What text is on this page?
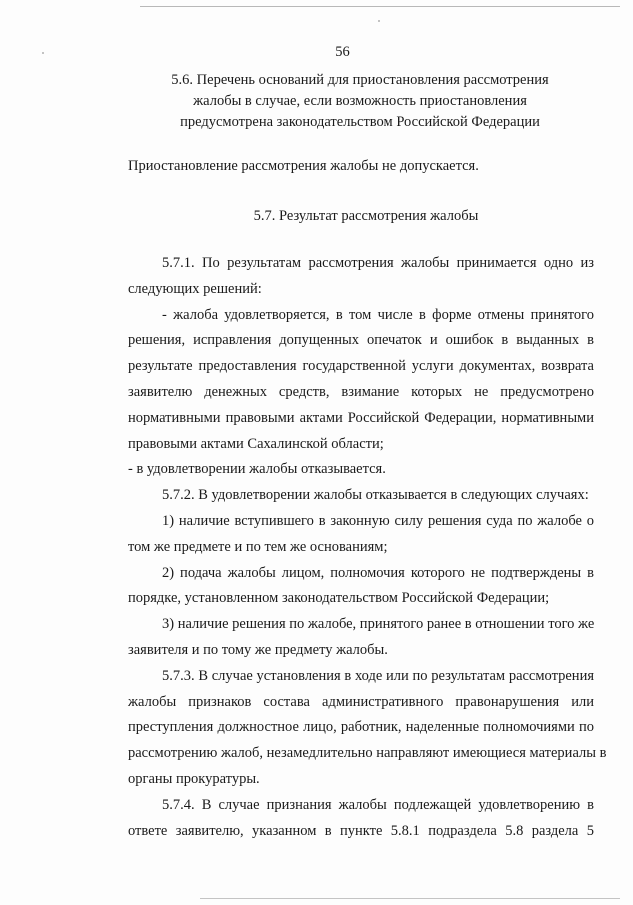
56
5.6. Перечень оснований для приостановления рассмотрения
жалобы в случае, если возможность приостановления
предусмотрена законодательством Российской Федерации
Приостановление рассмотрения жалобы не допускается.
5.7. Результат рассмотрения жалобы
5.7.1. По результатам рассмотрения жалобы принимается одно из
следующих решений:
- жалоба удовлетворяется, в том числе в форме отмены принятого
решения, исправления допущенных опечаток и ошибок в выданных в
результате предоставления государственной услуги документах, возврата
заявителю денежных средств, взимание которых не предусмотрено
нормативными правовыми актами Российской Федерации, нормативными
правовыми актами Сахалинской области;
- в удовлетворении жалобы отказывается.
5.7.2. В удовлетворении жалобы отказывается в следующих случаях:
1) наличие вступившего в законную силу решения суда по жалобе о
том же предмете и по тем же основаниям;
2) подача жалобы лицом, полномочия которого не подтверждены в
порядке, установленном законодательством Российской Федерации;
3) наличие решения по жалобе, принятого ранее в отношении того же
заявителя и по тому же предмету жалобы.
5.7.3. В случае установления в ходе или по результатам рассмотрения
жалобы признаков состава административного правонарушения или
преступления должностное лицо, работник, наделенные полномочиями по
рассмотрению жалоб, незамедлительно направляют имеющиеся материалы в
органы прокуратуры.
5.7.4. В случае признания жалобы подлежащей удовлетворению в
ответе заявителю, указанном в пункте 5.8.1 подраздела 5.8 раздела 5
